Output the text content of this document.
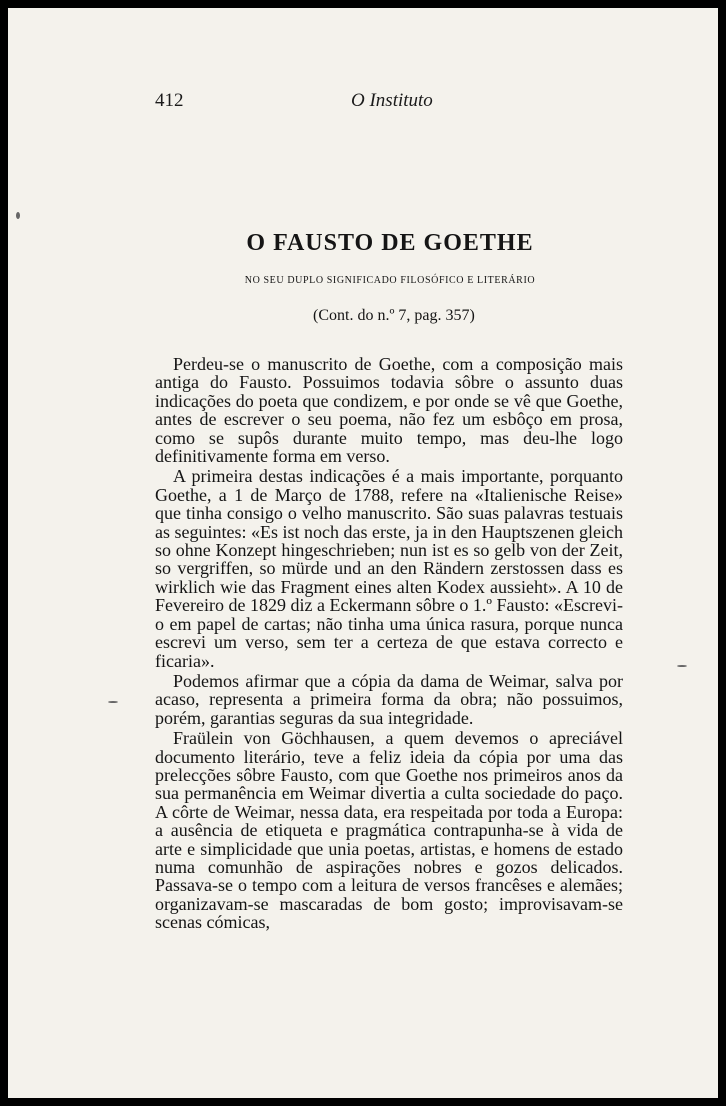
412	O Instituto
O FAUSTO DE GOETHE
NO SEU DUPLO SIGNIFICADO FILOSÓFICO E LITERÁRIO
(Cont. do n.º 7, pag. 357)

Perdeu-se o manuscrito de Goethe, com a composição mais antiga do Fausto. Possuimos todavia sôbre o assunto duas indicações do poeta que condizem, e por onde se vê que Goethe, antes de escrever o seu poema, não fez um esbôço em prosa, como se supôs durante muito tempo, mas deu-lhe logo definitivamente forma em verso.

A primeira destas indicações é a mais importante, porquanto Goethe, a 1 de Março de 1788, refere na «Italienische Reise» que tinha consigo o velho manuscrito. São suas palavras testuais as seguintes: «Es ist noch das erste, ja in den Hauptszenen gleich so ohne Konzept hingeschrieben; nun ist es so gelb von der Zeit, so vergriffen, so mürde und an den Rändern zerstossen dass es wirklich wie das Fragment eines alten Kodex aussieht». A 10 de Fevereiro de 1829 diz a Eckermann sôbre o 1.º Fausto: «Escrevi-o em papel de cartas; não tinha uma única rasura, porque nunca escrevi um verso, sem ter a certeza de que estava correcto e ficaria».

Podemos afirmar que a cópia da dama de Weimar, salva por acaso, representa a primeira forma da obra; não possuimos, porém, garantias seguras da sua integridade.

Fraülein von Göchhausen, a quem devemos o apreciável documento literário, teve a feliz ideia da cópia por uma das prelecções sôbre Fausto, com que Goethe nos primeiros anos da sua permanência em Weimar divertia a culta sociedade do paço. A côrte de Weimar, nessa data, era respeitada por toda a Europa: a ausência de etiqueta e pragmática contrapunha-se à vida de arte e simplicidade que unia poetas, artistas, e homens de estado numa comunhão de aspirações nobres e gozos delicados. Passava-se o tempo com a leitura de versos francêses e alemães; organizavam-se mascaradas de bom gosto; improvisavam-se scenas cómicas,
